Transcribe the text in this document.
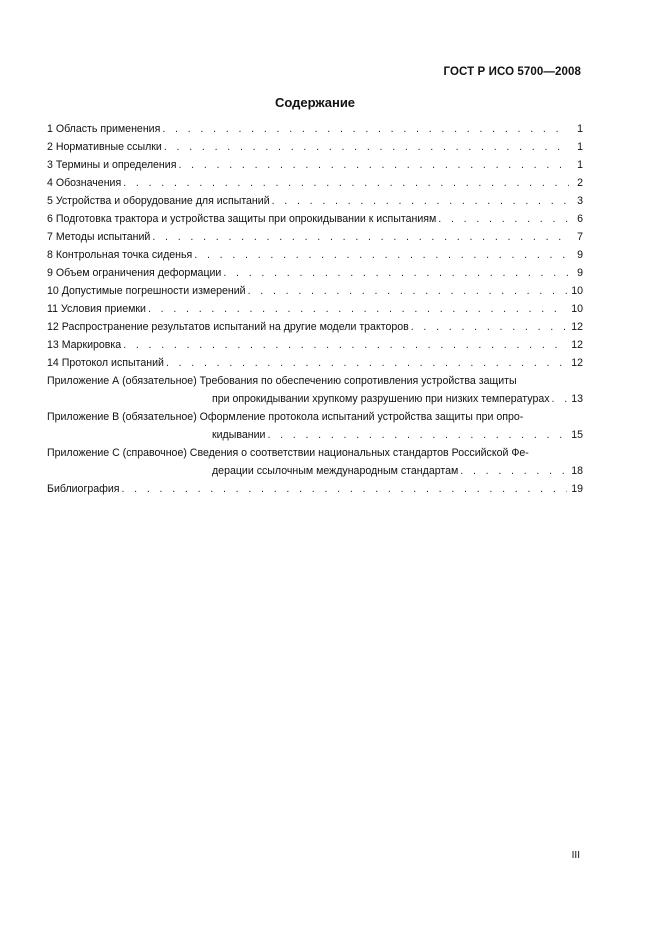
ГОСТ Р ИСО 5700—2008
Содержание
1 Область применения . . .	1
2 Нормативные ссылки . . .	1
3 Термины и определения . . .	1
4 Обозначения . . .	2
5 Устройства и оборудование для испытаний . . .	3
6 Подготовка трактора и устройства защиты при опрокидывании к испытаниям . . .	6
7 Методы испытаний . . .	7
8 Контрольная точка сиденья . . .	9
9 Объем ограничения деформации . . .	9
10 Допустимые погрешности измерений . . .	10
11 Условия приемки . . .	10
12 Распространение результатов испытаний на другие модели тракторов . . .	12
13 Маркировка . . .	12
14 Протокол испытаний . . .	12
Приложение А (обязательное) Требования по обеспечению сопротивления устройства защиты
при опрокидывании хрупкому разрушению при низких температурах . . .	13
Приложение В (обязательное) Оформление протокола испытаний устройства защиты при опро-
кидывании . . .	15
Приложение С (справочное) Сведения о соответствии национальных стандартов Российской Фе-
дерации ссылочным международным стандартам . . .	18
Библиография . . .	19
III
